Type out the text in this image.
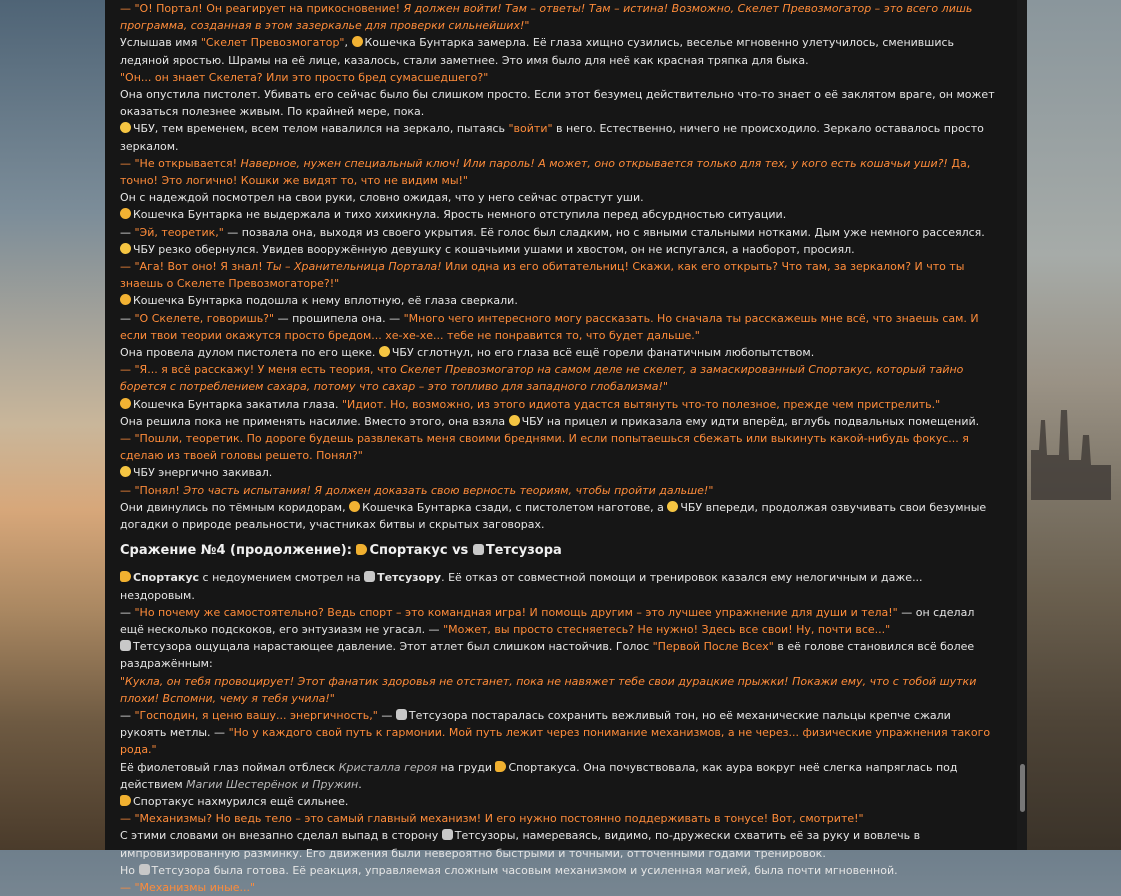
— "О! Портал! Он реагирует на прикосновение! Я должен войти! Там – ответы! Там – истина! Возможно, Скелет Превозмогатор – это всего лишь программа, созданная в этом зазеркалье для проверки сильнейших!"

Услышав имя "Скелет Превозмогатор", Кошечка Бунтарка замерла. Её глаза хищно сузились, веселье мгновенно улетучилось, сменившись ледяной яростью. Шрамы на её лице, казалось, стали заметнее. Это имя было для неё как красная тряпка для быка.

"Он... он знает Скелета? Или это просто бред сумасшедшего?"

Она опустила пистолет. Убивать его сейчас было бы слишком просто. Если этот безумец действительно что-то знает о её заклятом враге, он может оказаться полезнее живым. По крайней мере, пока.

ЧБУ, тем временем, всем телом навалился на зеркало, пытаясь "войти" в него. Естественно, ничего не происходило. Зеркало оставалось просто зеркалом.

— "Не открывается! Наверное, нужен специальный ключ! Или пароль! А может, оно открывается только для тех, у кого есть кошачьи уши?! Да, точно! Это логично! Кошки же видят то, что не видим мы!"

Он с надеждой посмотрел на свои руки, словно ожидая, что у него сейчас отрастут уши.

Кошечка Бунтарка не выдержала и тихо хихикнула. Ярость немного отступила перед абсурдностью ситуации.

— "Эй, теоретик," — позвала она, выходя из своего укрытия. Её голос был сладким, но с явными стальными нотками. Дым уже немного рассеялся.

ЧБУ резко обернулся. Увидев вооружённую девушку с кошачьими ушами и хвостом, он не испугался, а наоборот, просиял.

— "Ага! Вот оно! Я знал! Ты – Хранительница Портала! Или одна из его обитательниц! Скажи, как его открыть? Что там, за зеркалом? И что ты знаешь о Скелете Превозмогаторе?!"

Кошечка Бунтарка подошла к нему вплотную, её глаза сверкали.

— "О Скелете, говоришь?" — прошипела она. — "Много чего интересного могу рассказать. Но сначала ты расскажешь мне всё, что знаешь сам. И если твои теории окажутся просто бредом... хе-хе-хе... тебе не понравится то, что будет дальше."

Она провела дулом пистолета по его щеке. ЧБУ сглотнул, но его глаза всё ещё горели фанатичным любопытством.

— "Я... я всё расскажу! У меня есть теория, что Скелет Превозмогатор на самом деле не скелет, а замаскированный Спортакус, который тайно борется с потреблением сахара, потому что сахар – это топливо для западного глобализма!"

Кошечка Бунтарка закатила глаза. "Идиот. Но, возможно, из этого идиота удастся вытянуть что-то полезное, прежде чем пристрелить."

Она решила пока не применять насилие. Вместо этого, она взяла ЧБУ на прицел и приказала ему идти вперёд, вглубь подвальных помещений.

— "Пошли, теоретик. По дороге будешь развлекать меня своими бреднями. И если попытаешься сбежать или выкинуть какой-нибудь фокус... я сделаю из твоей головы решето. Понял?"

ЧБУ энергично закивал.

— "Понял! Это часть испытания! Я должен доказать свою верность теориям, чтобы пройти дальше!"

Они двинулись по тёмным коридорам, Кошечка Бунтарка сзади, с пистолетом наготове, а ЧБУ впереди, продолжая озвучивать свои безумные догадки о природе реальности, участниках битвы и скрытых заговорах.

Сражение №4 (продолжение): Спортакус vs Тетсузора

Спортакус с недоумением смотрел на Тетсузору. Её отказ от совместной помощи и тренировок казался ему нелогичным и даже... нездоровым.

— "Но почему же самостоятельно? Ведь спорт – это командная игра! И помощь другим – это лучшее упражнение для души и тела!" — он сделал ещё несколько подскоков, его энтузиазм не угасал. — "Может, вы просто стесняетесь? Не нужно! Здесь все свои! Ну, почти все..."

Тетсузора ощущала нарастающее давление. Этот атлет был слишком настойчив. Голос "Первой После Всех" в её голове становился всё более раздражённым:

"Кукла, он тебя провоцирует! Этот фанатик здоровья не отстанет, пока не навяжет тебе свои дурацкие прыжки! Покажи ему, что с тобой шутки плохи! Вспомни, чему я тебя учила!"

— "Господин, я ценю вашу... энергичность," — Тетсузора постаралась сохранить вежливый тон, но её механические пальцы крепче сжали рукоять метлы. — "Но у каждого свой путь к гармонии. Мой путь лежит через понимание механизмов, а не через... физические упражнения такого рода."

Её фиолетовый глаз поймал отблеск Кристалла героя на груди Спортакуса. Она почувствовала, как аура вокруг неё слегка напряглась под действием Магии Шестерёнок и Пружин.

Спортакус нахмурился ещё сильнее.

— "Механизмы? Но ведь тело – это самый главный механизм! И его нужно постоянно поддерживать в тонусе! Вот, смотрите!"

С этими словами он внезапно сделал выпад в сторону Тетсузоры, намереваясь, видимо, по-дружески схватить её за руку и вовлечь в импровизированную разминку. Его движения были невероятно быстрыми и точными, отточенными годами тренировок.

Но Тетсузора была готова. Её реакция, управляемая сложным часовым механизмом и усиленная магией, была почти мгновенной.

— "Механизмы иные..."
